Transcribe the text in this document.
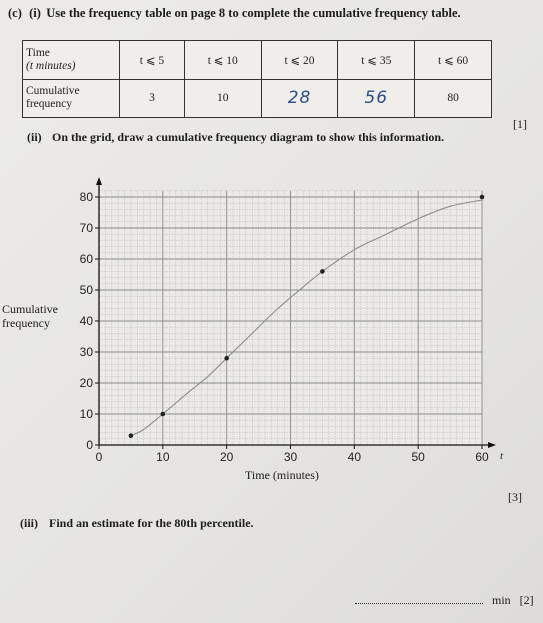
(c) (i) Use the frequency table on page 8 to complete the cumulative frequency table.
Time
(t minutes)	t ⩽ 5	t ⩽ 10	t ⩽ 20	t ⩽ 35	t ⩽ 60

Cumulative
frequency	3	10	28	56	80
[1]
(ii) On the grid, draw a cumulative frequency diagram to show this information.
Cumulative
frequency
0	10	20	30	40	50	60 t
0
10
20
30
40
50
60
70
80
Time (minutes)
[3]
(iii) Find an estimate for the 80th percentile.
min [2]
